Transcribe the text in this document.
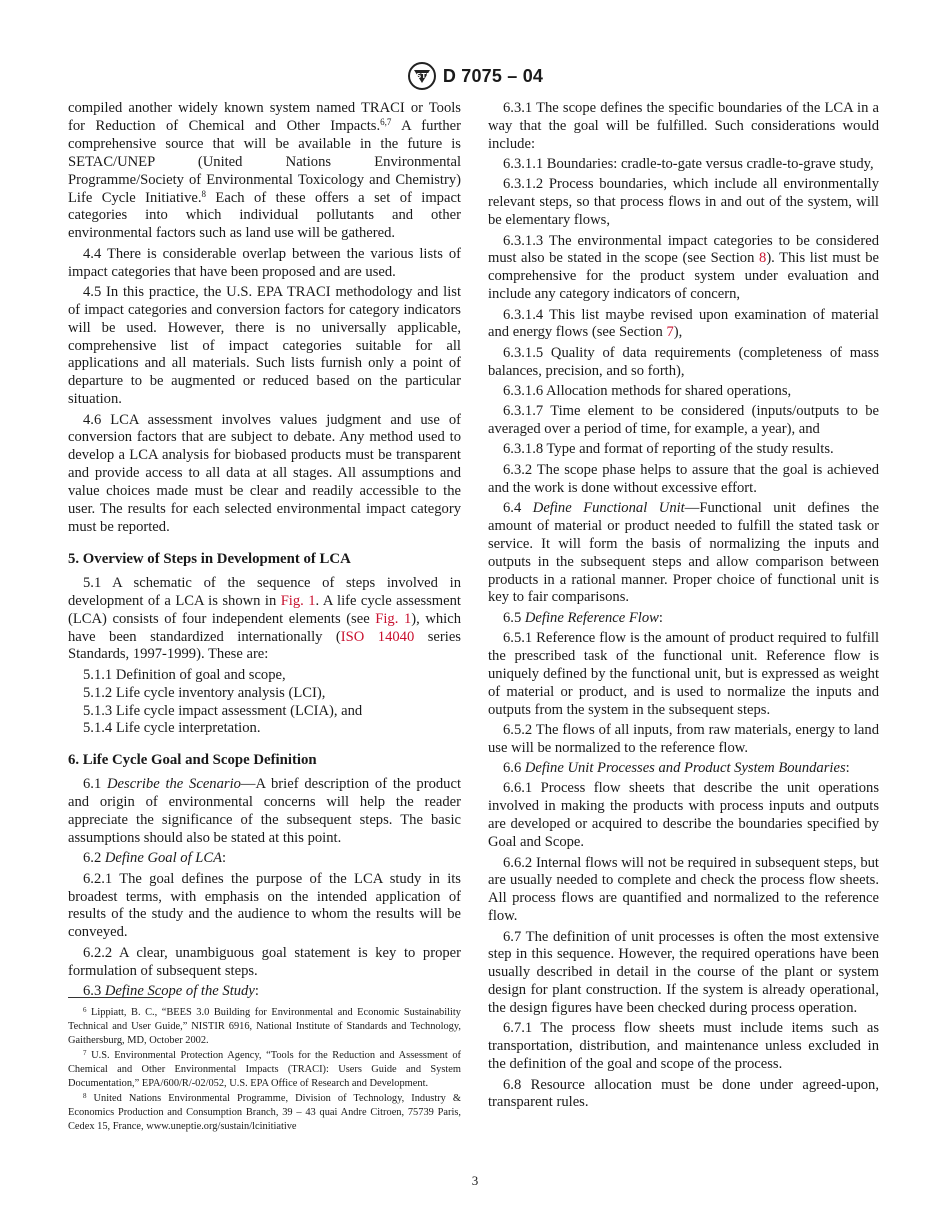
ASTM D 7075 – 04

compiled another widely known system named TRACI or Tools for Reduction of Chemical and Other Impacts.$^{6,7}$ A further comprehensive source that will be available in the future is SETAC/UNEP (United Nations Environmental Programme/Society of Environmental Toxicology and Chemistry) Life Cycle Initiative.$^8$ Each of these offers a set of impact categories into which individual pollutants and other environmental factors such as land use will be gathered.

4.4 There is considerable overlap between the various lists of impact categories that have been proposed and are used.

4.5 In this practice, the U.S. EPA TRACI methodology and list of impact categories and conversion factors for category indicators will be used. However, there is no universally applicable, comprehensive list of impact categories suitable for all applications and all materials. Such lists furnish only a point of departure to be augmented or reduced based on the particular situation.

4.6 LCA assessment involves values judgment and use of conversion factors that are subject to debate. Any method used to develop a LCA analysis for biobased products must be transparent and provide access to all data at all stages. All assumptions and value choices made must be clear and readily accessible to the user. The results for each selected environmental impact category must be reported.

5. Overview of Steps in Development of LCA

5.1 A schematic of the sequence of steps involved in development of a LCA is shown in Fig. 1. A life cycle assessment (LCA) consists of four independent elements (see Fig. 1), which have been standardized internationally (ISO 14040 series Standards, 1997-1999). These are:

5.1.1 Definition of goal and scope,
5.1.2 Life cycle inventory analysis (LCI),
5.1.3 Life cycle impact assessment (LCIA), and
5.1.4 Life cycle interpretation.
6. Life Cycle Goal and Scope Definition

6.1 Describe the Scenario—A brief description of the product and origin of environmental concerns will help the reader appreciate the significance of the subsequent steps. The basic assumptions should also be stated at this point.

6.2 Define Goal of LCA:

6.2.1 The goal defines the purpose of the LCA study in its broadest terms, with emphasis on the intended application of results of the study and the audience to whom the results will be conveyed.

6.2.2 A clear, unambiguous goal statement is key to proper formulation of subsequent steps.

6.3 Define Scope of the Study:

$^6$ Lippiatt, B. C., “BEES 3.0 Building for Environmental and Economic Sustainability Technical and User Guide,” NISTIR 6916, National Institute of Standards and Technology, Gaithersburg, MD, October 2002.

$^7$ U.S. Environmental Protection Agency, “Tools for the Reduction and Assessment of Chemical and Other Environmental Impacts (TRACI): Users Guide and System Documentation,” EPA/600/R/-02/052, U.S. EPA Office of Research and Development.

$^8$ United Nations Environmental Programme, Division of Technology, Industry & Economics Production and Consumption Branch, 39 – 43 quai Andre Citroen, 75739 Paris, Cedex 15, France, www.uneptie.org/sustain/lcinitiative

6.3.1 The scope defines the specific boundaries of the LCA in a way that the goal will be fulfilled. Such considerations would include:

6.3.1.1 Boundaries: cradle-to-gate versus cradle-to-grave study,

6.3.1.2 Process boundaries, which include all environmentally relevant steps, so that process flows in and out of the system, will be elementary flows,

6.3.1.3 The environmental impact categories to be considered must also be stated in the scope (see Section 8). This list must be comprehensive for the product system under evaluation and include any category indicators of concern,

6.3.1.4 This list maybe revised upon examination of material and energy flows (see Section 7),

6.3.1.5 Quality of data requirements (completeness of mass balances, precision, and so forth),

6.3.1.6 Allocation methods for shared operations,

6.3.1.7 Time element to be considered (inputs/outputs to be averaged over a period of time, for example, a year), and

6.3.1.8 Type and format of reporting of the study results.

6.3.2 The scope phase helps to assure that the goal is achieved and the work is done without excessive effort.

6.4 Define Functional Unit—Functional unit defines the amount of material or product needed to fulfill the stated task or service. It will form the basis of normalizing the inputs and outputs in the subsequent steps and allow comparison between products in a rational manner. Proper choice of functional unit is key to fair comparisons.

6.5 Define Reference Flow:

6.5.1 Reference flow is the amount of product required to fulfill the prescribed task of the functional unit. Reference flow is uniquely defined by the functional unit, but is expressed as weight of material or product, and is used to normalize the inputs and outputs from the system in the subsequent steps.

6.5.2 The flows of all inputs, from raw materials, energy to land use will be normalized to the reference flow.

6.6 Define Unit Processes and Product System Boundaries:

6.6.1 Process flow sheets that describe the unit operations involved in making the products with process inputs and outputs are developed or acquired to describe the boundaries specified by Goal and Scope.

6.6.2 Internal flows will not be required in subsequent steps, but are usually needed to complete and check the process flow sheets. All process flows are quantified and normalized to the reference flow.

6.7 The definition of unit processes is often the most extensive step in this sequence. However, the required operations have been usually described in detail in the course of the plant or system design for plant construction. If the system is already operational, the design figures have been checked during process operation.

6.7.1 The process flow sheets must include items such as transportation, distribution, and maintenance unless excluded in the definition of the goal and scope of the process.

6.8 Resource allocation must be done under agreed-upon, transparent rules.

3
